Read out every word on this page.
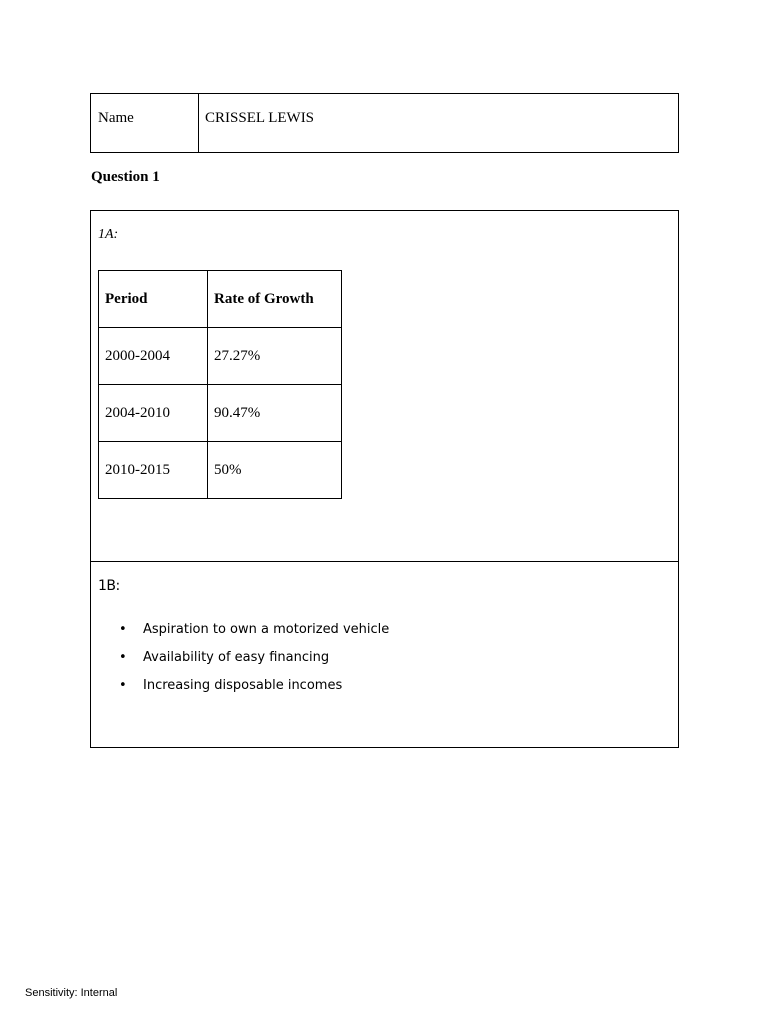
Name	CRISSEL LEWIS
Question 1
1A:
Period	Rate of Growth
2000-2004	27.27%
2004-2010	90.47%
2010-2015	50%
1B:
• Aspiration to own a motorized vehicle
• Availability of easy financing
• Increasing disposable incomes
Sensitivity: Internal
